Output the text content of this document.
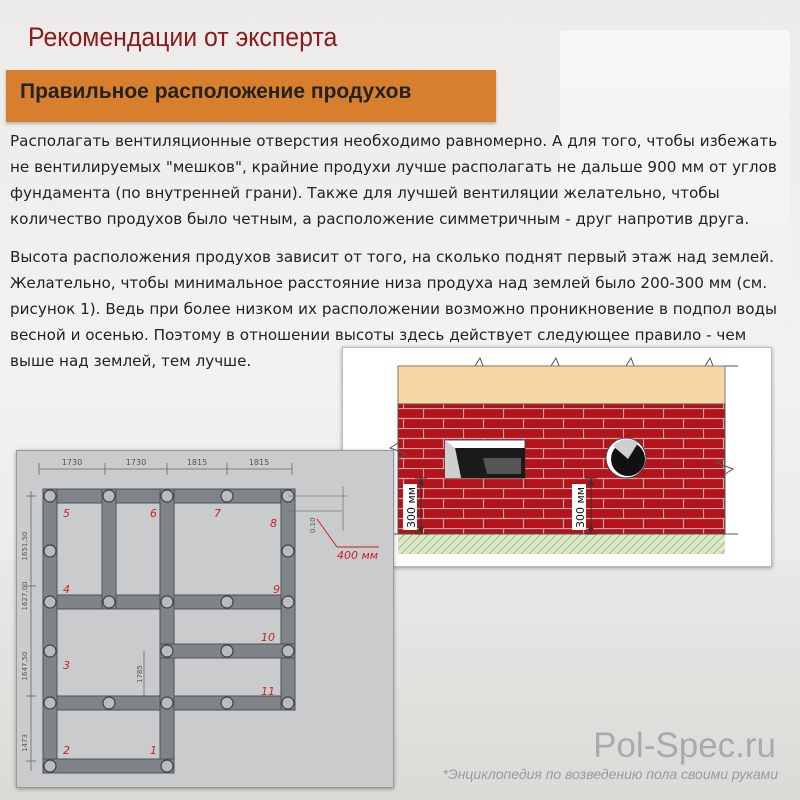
Рекомендации от эксперта
Правильное расположение продухов

Располагать вентиляционные отверстия необходимо равномерно. А для того, чтобы избежать не вентилируемых "мешков", крайние продухи лучше располагать не дальше 900 мм от углов фундамента (по внутренней грани). Также для лучшей вентиляции желательно, чтобы количество продухов было четным, а расположение симметричным - друг напротив друга.

Высота расположения продухов зависит от того, на сколько поднят первый этаж над землей. Желательно, чтобы минимальное расстояние низа продуха над землей было 200-300 мм (см. рисунок 1). Ведь при более низком их расположении возможно проникновение в подпол воды весной и осенью. Поэтому в отношении высоты здесь действует следующее правило - чем выше над землей, тем лучше.

300 мм	300 мм
1730	1730	1815	1815
1651,50
1627,00
1647,50
1473
1785
0.10
400 мм
5	6	7
8
4	9
10
3
11
2	1	Pol-Spec.ru

*Энциклопедия по возведению пола своими руками
